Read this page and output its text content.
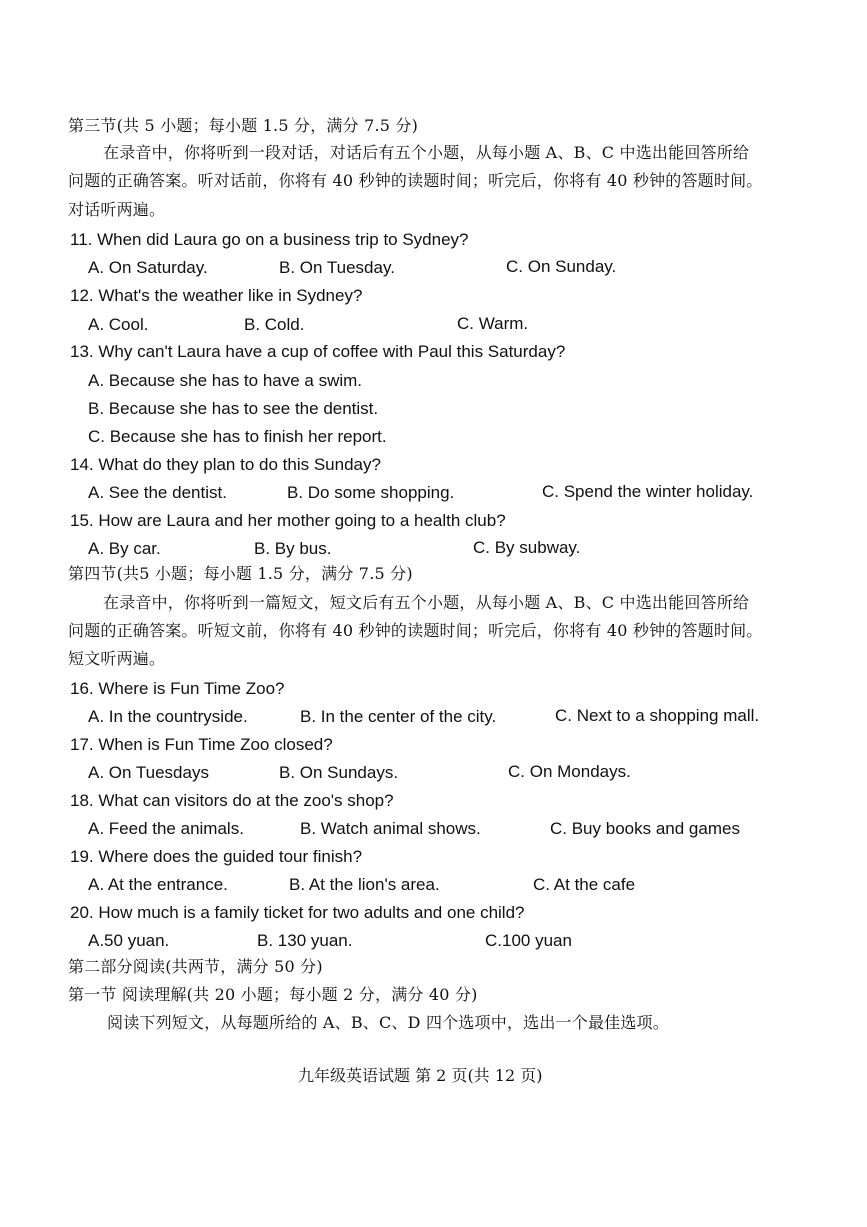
第三节(共 5 小题；每小题 1.5 分，满分 7.5 分)
在录音中，你将听到一段对话，对话后有五个小题，从每小题 A、B、C 中选出能回答所给
问题的正确答案。听对话前，你将有 40 秒钟的读题时间；听完后，你将有 40 秒钟的答题时间。
对话听两遍。
11. When did Laura go on a business trip to Sydney?
A. On Saturday.	B. On Tuesday.	C. On Sunday.
12. What's the weather like in Sydney?
A. Cool.	B. Cold.	C. Warm.
13. Why can't Laura have a cup of coffee with Paul this Saturday?
A. Because she has to have a swim.
B. Because she has to see the dentist.
C. Because she has to finish her report.
14. What do they plan to do this Sunday?
A. See the dentist.	B. Do some shopping.	C. Spend the winter holiday.
15. How are Laura and her mother going to a health club?
A. By car.	B. By bus.	C. By subway.
第四节(共5 小题；每小题 1.5 分，满分 7.5 分)
在录音中，你将听到一篇短文，短文后有五个小题，从每小题 A、B、C 中选出能回答所给
问题的正确答案。听短文前，你将有 40 秒钟的读题时间；听完后，你将有 40 秒钟的答题时间。
短文听两遍。
16. Where is Fun Time Zoo?
A. In the countryside.	B. In the center of the city.	C. Next to a shopping mall.
17. When is Fun Time Zoo closed?
A. On Tuesdays	B. On Sundays.	C. On Mondays.
18. What can visitors do at the zoo's shop?
A. Feed the animals.	B. Watch animal shows.	C. Buy books and games
19. Where does the guided tour finish?
A. At the entrance.	B. At the lion's area.	C. At the cafe
20. How much is a family ticket for two adults and one child?
A.50 yuan.	B. 130 yuan.	C.100 yuan
第二部分阅读(共两节，满分 50 分)
第一节 阅读理解(共 20 小题；每小题 2 分，满分 40 分)
阅读下列短文，从每题所给的 A、B、C、D 四个选项中，选出一个最佳选项。
九年级英语试题 第 2 页(共 12 页)
